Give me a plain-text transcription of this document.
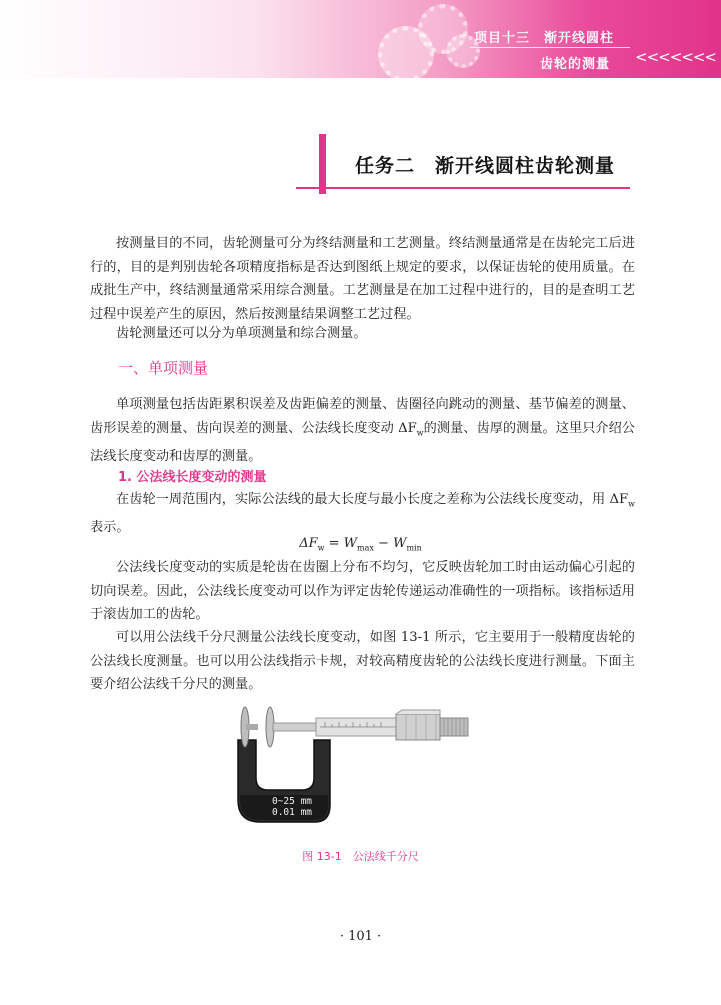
项目十三　渐开线圆柱
齿轮的测量 <<<<<<<
任务二　渐开线圆柱齿轮测量

按测量目的不同，齿轮测量可分为终结测量和工艺测量。终结测量通常是在齿轮完工后进行的，目的是判别齿轮各项精度指标是否达到图纸上规定的要求，以保证齿轮的使用质量。在成批生产中，终结测量通常采用综合测量。工艺测量是在加工过程中进行的，目的是查明工艺过程中误差产生的原因，然后按测量结果调整工艺过程。

齿轮测量还可以分为单项测量和综合测量。

一、单项测量

单项测量包括齿距累积误差及齿距偏差的测量、齿圈径向跳动的测量、基节偏差的测量、齿形误差的测量、齿向误差的测量、公法线长度变动 $\Delta F_w$的测量、齿厚的测量。这里只介绍公法线长度变动和齿厚的测量。

1. 公法线长度变动的测量

在齿轮一周范围内，实际公法线的最大长度与最小长度之差称为公法线长度变动，用 $\Delta F_w$表示。

$\Delta F_w = W_{max} - W_{min}$

公法线长度变动的实质是轮齿在齿圈上分布不均匀，它反映齿轮加工时由运动偏心引起的切向误差。因此，公法线长度变动可以作为评定齿轮传递运动准确性的一项指标。该指标适用于滚齿加工的齿轮。

可以用公法线千分尺测量公法线长度变动，如图 13-1 所示，它主要用于一般精度齿轮的公法线长度测量。也可以用公法线指示卡规，对较高精度齿轮的公法线长度进行测量。下面主要介绍公法线千分尺的测量。

0~25 mm
0.01 mm
图 13-1　公法线千分尺
· 101 ·
